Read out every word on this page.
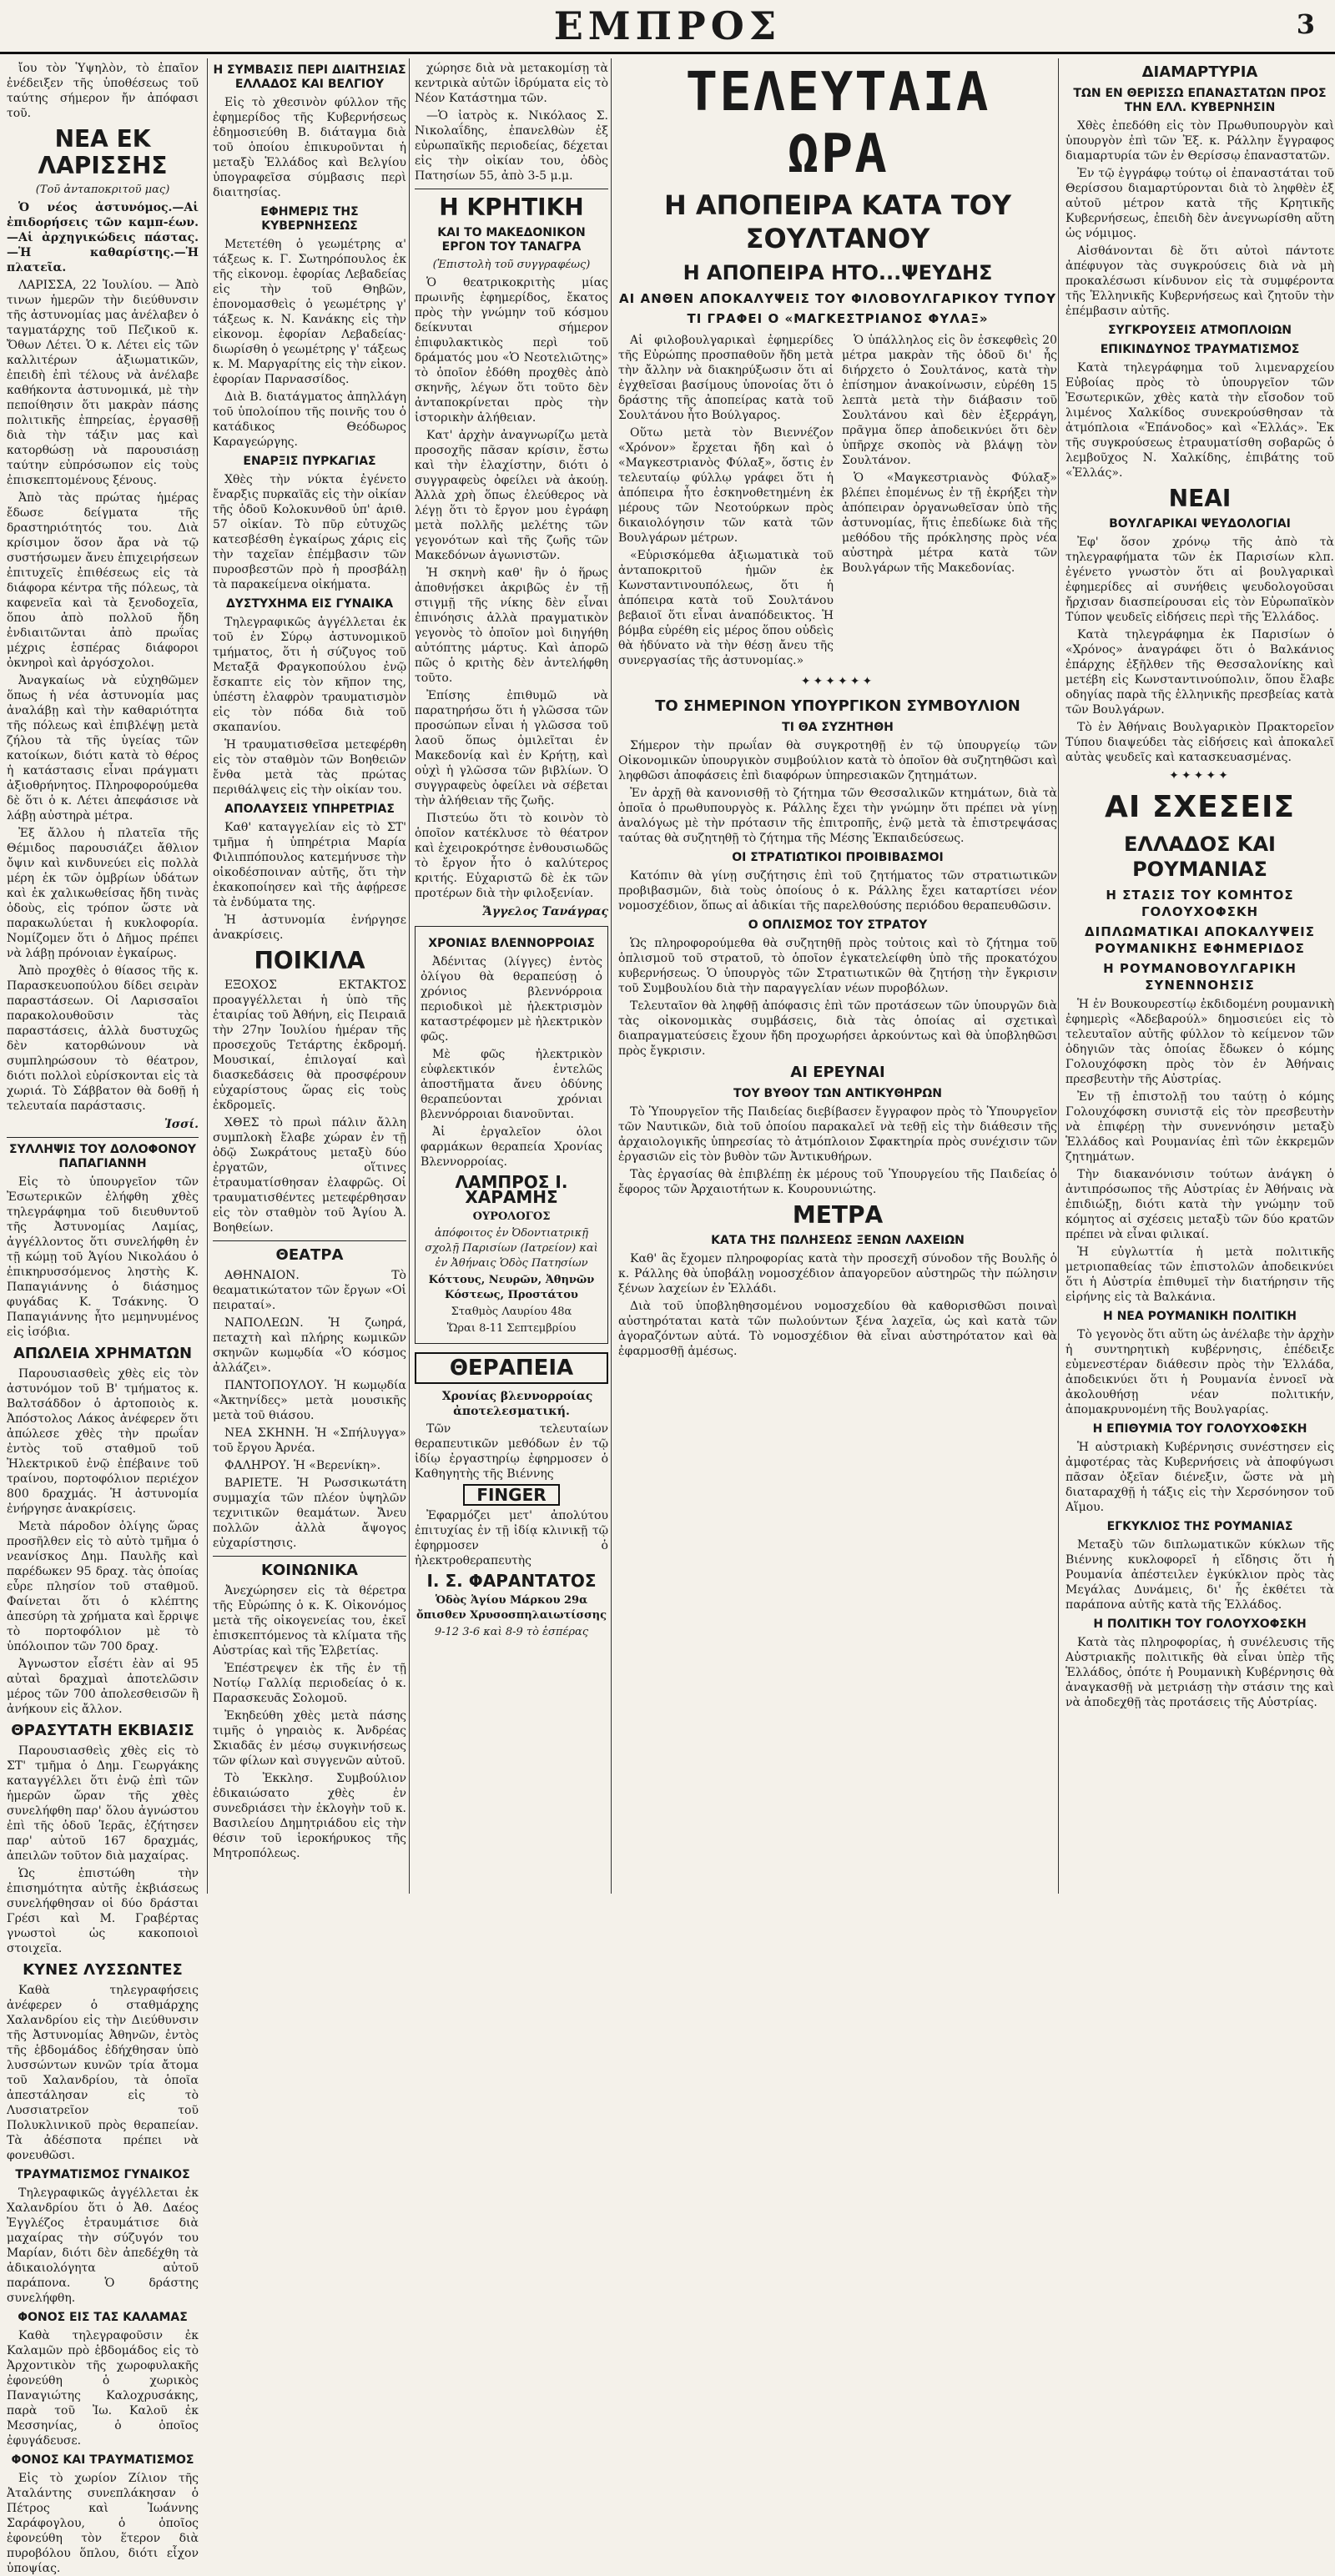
ΕΜΠΡΟΣ	3

ἴου τὸν Ὑψηλὸν, τὸ ἐπαῖον ἐνέδειξεν τῆς ὑποθέσεως τοῦ ταύτης σήμερον ἤν ἀπόφασι τοῦ.

ΝΕΑ ΕΚ ΛΑΡΙΣΣΗΣ
(Τοῦ ἀνταποκριτοῦ μας)

Ὁ νέος ἀστυνόμος.—Αἱ ἐπιδορήσεις τῶν καμπ-έων.—Αἱ ἀρχηγικώδεις πάστας.—Ἡ καθαρίστης.—Ἡ πλατεῖα.

ΛΑΡΙΣΣΑ, 22 Ἰουλίου. — Ἀπὸ τινων ἡμερῶν τὴν διεύθυνσιν τῆς ἀστυνομίας μας ἀνέλαβεν ὁ ταγματάρχης τοῦ Πεζικοῦ κ. Ὄθων Λέτει. Ὁ κ. Λέτει εἰς τῶν καλλιτέρων ἀξιωματικῶν, ἐπειδὴ ἐπὶ τέλους νὰ ἀνέλαβε καθήκοντα ἀστυνομικά, μὲ τὴν πεποίθησιν ὅτι μακρὰν πάσης πολιτικῆς ἐπηρείας, ἐργασθῇ διὰ τὴν τάξιν μας καὶ κατορθώσῃ νὰ παρουσιάσῃ ταύτην εὐπρόσωπον εἰς τοὺς ἐπισκεπτομένους ξένους.

Ἀπὸ τὰς πρώτας ἡμέρας ἔδωσε δείγματα τῆς δραστηριότητός του. Διὰ κρίσιμον ὅσον ἄρα νὰ τῷ συστήσωμεν ἄνευ ἐπιχειρήσεων ἐπιτυχεῖς ἐπιθέσεως εἰς τὰ διάφορα κέντρα τῆς πόλεως, τὰ καφενεῖα καὶ τὰ ξενοδοχεῖα, ὅπου ἀπὸ πολλοῦ ἤδη ἐνδιαιτῶνται ἀπὸ πρωΐας μέχρις ἑσπέρας διάφοροι ὀκνηροὶ καὶ ἀργόσχολοι.

Ἀναγκαίως νὰ εὐχηθῶμεν ὅπως ἡ νέα ἀστυνομία μας ἀναλάβῃ καὶ τὴν καθαριότητα τῆς πόλεως καὶ ἐπιβλέψῃ μετὰ ζήλου τὰ τῆς ὑγείας τῶν κατοίκων, διότι κατὰ τὸ θέρος ἡ κατάστασις εἶναι πράγματι ἀξιοθρήνητος. Πληροφορούμεθα δὲ ὅτι ὁ κ. Λέτει ἀπεφάσισε νὰ λάβῃ αὐστηρὰ μέτρα.

Ἐξ ἄλλου ἡ πλατεῖα τῆς Θέμιδος παρουσιάζει ἄθλιον ὄψιν καὶ κινδυνεύει εἰς πολλὰ μέρη ἐκ τῶν ὀμβρίων ὑδάτων καὶ ἐκ χαλικωθείσας ἤδη τινὰς ὁδοὺς, εἰς τρόπον ὥστε νὰ παρακωλύεται ἡ κυκλοφορία. Νομίζομεν ὅτι ὁ Δῆμος πρέπει νὰ λάβῃ πρόνοιαν ἐγκαίρως.

Ἀπὸ προχθὲς ὁ θίασος τῆς κ. Παρασκευοπούλου δίδει σειρὰν παραστάσεων. Οἱ Λαρισσαῖοι παρακολουθοῦσιν τὰς παραστάσεις, ἀλλὰ δυστυχῶς δὲν κατορθώνουν νὰ συμπληρώσουν τὸ θέατρον, διότι πολλοὶ εὑρίσκονται εἰς τὰ χωριά. Τὸ Σάββατον θὰ δοθῇ ἡ τελευταία παράστασις.

Ἰσσί.
ΣΥΛΛΗΨΙΣ ΤΟΥ ΔΟΛΟΦΟΝΟΥ ΠΑΠΑΓΙΑΝΝΗ

Εἰς τὸ ὑπουργεῖον τῶν Ἐσωτερικῶν ἐλήφθη χθὲς τηλεγράφημα τοῦ διευθυντοῦ τῆς Ἀστυνομίας Λαμίας, ἀγγέλλοντος ὅτι συνελήφθη ἐν τῇ κώμῃ τοῦ Ἁγίου Νικολάου ὁ ἐπικηρυσσόμενος ληστὴς Κ. Παπαγιάννης ὁ διάσημος φυγάδας Κ. Τσάκνης. Ὁ Παπαγιάννης ἦτο μεμηνυμένος εἰς ἰσόβια.

ΑΠΩΛΕΙΑ ΧΡΗΜΑΤΩΝ

Παρουσιασθεὶς χθὲς εἰς τὸν ἀστυνόμον τοῦ Β' τμήματος κ. Βαλτσάδδον ὁ ἀρτοποιὸς κ. Ἀπόστολος Λάκος ἀνέφερεν ὅτι ἀπώλεσε χθὲς τὴν πρωΐαν ἐντὸς τοῦ σταθμοῦ τοῦ Ἠλεκτρικοῦ ἐνῷ ἐπέβαινε τοῦ τραίνου, πορτοφόλιον περιέχον 800 δραχμάς. Ἡ ἀστυνομία ἐνήργησε ἀνακρίσεις.

Μετὰ πάροδον ὀλίγης ὥρας προσῆλθεν εἰς τὸ αὐτὸ τμῆμα ὁ νεανίσκος Δημ. Παυλῆς καὶ παρέδωκεν 95 δραχ. τὰς ὁποίας εὗρε πλησίον τοῦ σταθμοῦ. Φαίνεται ὅτι ὁ κλέπτης ἀπεσύρη τὰ χρήματα καὶ ἔρριψε τὸ πορτοφόλιον μὲ τὸ ὑπόλοιπον τῶν 700 δραχ.

Ἀγνωστον εἶσέτι ἐὰν αἱ 95 αὐταὶ δραχμαὶ ἀποτελῶσιν μέρος τῶν 700 ἀπολεσθεισῶν ἢ ἀνήκουν εἰς ἄλλον.

ΘΡΑΣΥΤΑΤΗ ΕΚΒΙΑΣΙΣ

Παρουσιασθεὶς χθὲς εἰς τὸ ΣΤ' τμῆμα ὁ Δημ. Γεωργάκης καταγγέλλει ὅτι ἐνῷ ἐπὶ τῶν ἡμερῶν ὥραν τῆς χθὲς συνελήφθη παρ' ὅλου ἀγνώστου ἐπὶ τῆς ὁδοῦ Ἱερᾶς, ἐζήτησεν παρ' αὐτοῦ 167 δραχμάς, ἀπειλῶν τοῦτον διὰ μαχαίρας.

Ὡς ἐπιστώθη τὴν ἐπισημότητα αὐτῆς ἐκβιάσεως συνελήφθησαν οἱ δύο δράσται Γρέσι καὶ Μ. Γραβέρτας γνωστοὶ ὡς κακοποιοὶ στοιχεῖα.

ΚΥΝΕΣ ΛΥΣΣΩΝΤΕΣ

Καθὰ τηλεγραφήσεις ἀνέφερεν ὁ σταθμάρχης Χαλανδρίου εἰς τὴν Διεύθυνσιν τῆς Ἀστυνομίας Ἀθηνῶν, ἐντὸς τῆς ἑβδομάδος ἐδήχθησαν ὑπὸ λυσσώντων κυνῶν τρία ἄτομα τοῦ Χαλανδρίου, τὰ ὁποῖα ἀπεστάλησαν εἰς τὸ Λυσσιατρεῖον τοῦ Πολυκλινικοῦ πρὸς θεραπείαν. Τὰ ἀδέσποτα πρέπει νὰ φονευθῶσι.

ΤΡΑΥΜΑΤΙΣΜΟΣ ΓΥΝΑΙΚΟΣ

Τηλεγραφικῶς ἀγγέλλεται ἐκ Χαλανδρίου ὅτι ὁ Ἀθ. Δαέος Ἐγγλέζος ἐτραυμάτισε διὰ μαχαίρας τὴν σύζυγόν του Μαρίαν, διότι δὲν ἀπεδέχθη τὰ ἀδικαιολόγητα αὐτοῦ παράπονα. Ὁ δράστης συνελήφθη.

ΦΟΝΟΣ ΕΙΣ ΤΑΣ ΚΑΛΑΜΑΣ

Καθὰ τηλεγραφοῦσιν ἐκ Καλαμῶν πρὸ ἑβδομάδος εἰς τὸ Ἀρχοντικὸν τῆς χωροφυλακῆς ἐφονεύθη ὁ χωρικὸς Παναγιώτης Καλοχρυσάκης, παρὰ τοῦ Ἰω. Καλοῦ ἐκ Μεσσηνίας, ὁ ὁποῖος ἐφυγάδευσε.

ΦΟΝΟΣ ΚΑΙ ΤΡΑΥΜΑΤΙΣΜΟΣ

Εἰς τὸ χωρίον Ζίλιον τῆς Ἀταλάντης συνεπλάκησαν ὁ Πέτρος καὶ Ἰωάννης Σαράφογλου, ὁ ὁποῖος ἐφονεύθη τὸν ἕτερον διὰ πυροβόλου ὅπλου, διότι εἶχον ὑποψίας.

Η ΣΥΜΒΑΣΙΣ ΠΕΡΙ ΔΙΑΙΤΗΣΙΑΣ ΕΛΛΑΔΟΣ ΚΑΙ ΒΕΛΓΙΟΥ

Εἰς τὸ χθεσινὸν φύλλον τῆς ἐφημερίδος τῆς Κυβερνήσεως ἐδημοσιεύθη Β. διάταγμα διὰ τοῦ ὁποίου ἐπικυροῦνται ἡ μεταξὺ Ἑλλάδος καὶ Βελγίου ὑπογραφεῖσα σύμβασις περὶ διαιτησίας.

ΕΦΗΜΕΡΙΣ ΤΗΣ ΚΥΒΕΡΝΗΣΕΩΣ

Μετετέθη ὁ γεωμέτρης α' τάξεως κ. Γ. Σωτηρόπουλος ἐκ τῆς εἰκονομ. ἐφορίας Λεβαδείας εἰς τὴν τοῦ Θηβῶν, ἐπονομασθεὶς ὁ γεωμέτρης γ' τάξεως κ. Ν. Κανάκης εἰς τὴν εἰκονομ. ἐφορίαν Λεβαδείας· διωρίσθη ὁ γεωμέτρης γ' τάξεως κ. Μ. Μαργαρίτης εἰς τὴν εἰκον. ἐφορίαν Παρνασσίδος.

Διὰ Β. διατάγματος ἀπηλλάγη τοῦ ὑπολοίπου τῆς ποινῆς του ὁ κατάδικος Θεόδωρος Καραγεώργης.

ΕΝΑΡΞΙΣ ΠΥΡΚΑΓΙΑΣ

Χθὲς τὴν νύκτα ἐγένετο ἔναρξις πυρκαϊᾶς εἰς τὴν οἰκίαν τῆς ὁδοῦ Κολοκυνθοῦ ὑπ' ἀριθ. 57 οἰκίαν. Τὸ πῦρ εὐτυχῶς κατεσβέσθη ἐγκαίρως χάρις εἰς τὴν ταχεῖαν ἐπέμβασιν τῶν πυροσβεστῶν πρὸ ἡ προσβάλῃ τὰ παρακείμενα οἰκήματα.

ΔΥΣΤΥΧΗΜΑ ΕΙΣ ΓΥΝΑΙΚΑ

Τηλεγραφικῶς ἀγγέλλεται ἐκ τοῦ ἐν Σύρῳ ἀστυνομικοῦ τμήματος, ὅτι ἡ σύζυγος τοῦ Μεταξᾶ Φραγκοπούλου ἐνῷ ἔσκαπτε εἰς τὸν κῆπον της, ὑπέστη ἐλαφρὸν τραυματισμὸν εἰς τὸν πόδα διὰ τοῦ σκαπανίου.

Ἡ τραυματισθεῖσα μετεφέρθη εἰς τὸν σταθμὸν τῶν Βοηθειῶν ἔνθα μετὰ τὰς πρώτας περιθάλψεις εἰς τὴν οἰκίαν του.

ΑΠΟΛΑΥΣΕΙΣ ΥΠΗΡΕΤΡΙΑΣ

Καθ' καταγγελίαν εἰς τὸ ΣΤ' τμῆμα ἡ ὑπηρέτρια Μαρία Φιλιππόπουλος κατεμήνυσε τὴν οἰκοδέσποιναν αὐτῆς, ὅτι τὴν ἐκακοποίησεν καὶ τῆς ἀφῄρεσε τὰ ἐνδύματα της.

Ἡ ἀστυνομία ἐνήργησε ἀνακρίσεις.

ΠΟΙΚΙΛΑ

ΕΞΟΧΟΣ ΕΚΤΑΚΤΟΣ προαγγέλλεται ἡ ὑπὸ τῆς ἑταιρίας τοῦ Ἀθήνη, εἰς Πειραιᾶ τὴν 27ην Ἰουλίου ἡμέραν τῆς προσεχοῦς Τετάρτης ἐκδρομή. Μουσικαί, ἐπιλογαί καὶ διασκεδάσεις θὰ προσφέρουν εὐχαρίστους ὥρας εἰς τοὺς ἐκδρομεῖς.

ΧΘΕΣ τὸ πρωὶ πάλιν ἄλλη συμπλοκὴ ἔλαβε χώραν ἐν τῇ ὁδῷ Σωκράτους μεταξὺ δύο ἐργατῶν, οἵτινες ἐτραυματίσθησαν ἐλαφρῶς. Οἱ τραυματισθέντες μετεφέρθησαν εἰς τὸν σταθμὸν τοῦ Ἁγίου Ἀ. Βοηθείων.

ΘΕΑΤΡΑ

ΑΘΗΝΑΙΟΝ. Τὸ θεαματικώτατον τῶν ἔργων «Οἱ πειραταί».

ΝΑΠΟΛΕΩΝ. Ἡ ζωηρά, πεταχτὴ καὶ πλήρης κωμικῶν σκηνῶν κωμῳδία «Ὁ κόσμος ἀλλάζει».

ΠΑΝΤΟΠΟΥΛΟΥ. Ἡ κωμῳδία «Ἀκτηνίδες» μετὰ μουσικῆς μετὰ τοῦ θιάσου.

ΝΕΑ ΣΚΗΝΗ. Ἡ «Σπήλυγγα» τοῦ ἔργου Ἀρνέα.

ΦΑΛΗΡΟΥ. Ἡ «Βερενίκη».

ΒΑΡΙΕΤΕ. Ἡ Ρωσσικωτάτη συμμαχία τῶν πλέον ὑψηλῶν τεχνιτικῶν θεαμάτων. Ἄνευ πολλῶν ἀλλὰ ἄψογος εὐχαρίστησις.

ΚΟΙΝΩΝΙΚΑ

Ἀνεχώρησεν εἰς τὰ θέρετρα τῆς Εὐρώπης ὁ κ. Κ. Οἰκονόμος μετὰ τῆς οἰκογενείας του, ἐκεῖ ἐπισκεπτόμενος τὰ κλίματα τῆς Αὐστρίας καὶ τῆς Ἑλβετίας.

Ἐπέστρεψεν ἐκ τῆς ἐν τῇ Νοτίῳ Γαλλίᾳ περιοδείας ὁ κ. Παρασκευᾶς Σολομοῦ.

Ἐκηδεύθη χθὲς μετὰ πάσης τιμῆς ὁ γηραιὸς κ. Ἀνδρέας Σκιαδᾶς ἐν μέσῳ συγκινήσεως τῶν φίλων καὶ συγγενῶν αὐτοῦ.

Τὸ Ἐκκλησ. Συμβούλιον ἐδικαιώσατο χθὲς ἐν συνεδριάσει τὴν ἐκλογὴν τοῦ κ. Βασιλείου Δημητριάδου εἰς τὴν θέσιν τοῦ ἱεροκήρυκος τῆς Μητροπόλεως.

χώρησε διὰ νὰ μετακομίσῃ τὰ κεντρικὰ αὐτῶν ἰδρύματα εἰς τὸ Νέον Κατάστημα τῶν.

—Ὁ ἰατρὸς κ. Νικόλαος Σ. Νικολαΐδης, ἐπανελθὼν ἐξ εὐρωπαϊκῆς περιοδείας, δέχεται εἰς τὴν οἰκίαν του, ὁδὸς Πατησίων 55, ἀπὸ 3-5 μ.μ.

Η ΚΡΗΤΙΚΗ
ΚΑΙ ΤΟ ΜΑΚΕΔΟΝΙΚΟΝ ΕΡΓΟΝ ΤΟΥ ΤΑΝΑΓΡΑ
(Ἐπιστολὴ τοῦ συγγραφέως)

Ὁ θεατρικοκριτὴς μίας πρωινῆς ἐφημερίδος, ἔκατος πρὸς τὴν γνώμην τοῦ κόσμου δείκνυται σήμερον ἐπιφυλακτικὸς περὶ τοῦ δράματός μου «Ὁ Νεοτελιῶτης» τὸ ὁποῖον ἐδόθη προχθὲς ἀπὸ σκηνῆς, λέγων ὅτι τοῦτο δὲν ἀνταποκρίνεται πρὸς τὴν ἱστορικὴν ἀλήθειαν.

Κατ' ἀρχὴν ἀναγνωρίζω μετὰ προσοχῆς πᾶσαν κρίσιν, ἔστω καὶ τὴν ἐλαχίστην, διότι ὁ συγγραφεὺς ὀφείλει νὰ ἀκούῃ. Ἀλλὰ χρὴ ὅπως ἐλεύθερος νὰ λέγῃ ὅτι τὸ ἔργον μου ἐγράφη μετὰ πολλῆς μελέτης τῶν γεγονότων καὶ τῆς ζωῆς τῶν Μακεδόνων ἀγωνιστῶν.

Ἡ σκηνὴ καθ' ἣν ὁ ἥρως ἀποθνῄσκει ἀκριβῶς ἐν τῇ στιγμῇ τῆς νίκης δὲν εἶναι ἐπινόησις ἀλλὰ πραγματικὸν γεγονὸς τὸ ὁποῖον μοὶ διηγήθη αὐτόπτης μάρτυς. Καὶ ἀπορῶ πῶς ὁ κριτὴς δὲν ἀντελήφθη τοῦτο.

Ἐπίσης ἐπιθυμῶ νὰ παρατηρήσω ὅτι ἡ γλῶσσα τῶν προσώπων εἶναι ἡ γλῶσσα τοῦ λαοῦ ὅπως ὁμιλεῖται ἐν Μακεδονίᾳ καὶ ἐν Κρήτῃ, καὶ οὐχὶ ἡ γλῶσσα τῶν βιβλίων. Ὁ συγγραφεὺς ὀφείλει νὰ σέβεται τὴν ἀλήθειαν τῆς ζωῆς.

Πιστεύω ὅτι τὸ κοινὸν τὸ ὁποῖον κατέκλυσε τὸ θέατρον καὶ ἐχειροκρότησε ἐνθουσιωδῶς τὸ ἔργον ἦτο ὁ καλύτερος κριτής. Εὐχαριστῶ δὲ ἐκ τῶν προτέρων διὰ τὴν φιλοξενίαν.

Ἄγγελος Τανάγρας
ΧΡΟΝΙΑΣ ΒΛΕΝΝΟΡΡΟΙΑΣ

Ἀδένιτας (λίγγες) ἐντὸς ὀλίγου θὰ θεραπεύσῃ ὁ χρόνιος βλεννόρροια περιοδικοὶ μὲ ἠλεκτρισμὸν καταστρέφομεν μὲ ἠλεκτρικὸν φῶς.

Μὲ φῶς ἠλεκτρικὸν εὐφλεκτικόν ἐντελῶς ἀποστῆματα ἄνευ ὀδύνης θεραπεύονται χρόνιαι βλεννόρροιαι διανοῦνται.

Ἀἱ ἐργαλεῖον ὁλοι φαρμάκων θεραπεία Χρονίας Βλεννορροίας.

ΛΑΜΠΡΟΣ Ι. ΧΑΡΑΜΗΣ
ΟΥΡΟΛΟΓΟΣ
ἀπόφοιτος ἐν Ὀδοντιατρικῇ σχολῇ Παρισίων (Ιατρείον) καὶ ἐν Ἀθήναις Ὁδὸς Πατησίων
Κόττους, Νευρῶν, Ἀθηνῶν Κόστεως, Προστάτου
Σταθμὸς Λαυρίου 48α
Ὥραι 8-11 Σεπτεμβρίου
ΘΕΡΑΠΕΙΑ

Χρονίας βλεννορροίας ἀποτελεσματική.

Τῶν τελευταίων θεραπευτικῶν μεθόδων ἐν τῷ ἰδίῳ ἐργαστηρίῳ ἐφηρμοσεν ὁ Καθηγητὴς τῆς Βιέννης

FINGER

Ἐφαρμόζει μετ' ἀπολύτου ἐπιτυχίας ἐν τῇ ἰδίᾳ κλινικῇ τῷ ἐφηρμοσεν ὁ ἠλεκτροθεραπευτὴς

Ι. Σ. ΦΑΡΑΝΤΑΤΟΣ
Ὁδὸς Ἁγίου Μάρκου 29α ὄπισθεν Χρυσοσπηλαιωτίσσης
9-12 3-6 καὶ 8-9 τὸ ἑσπέρας
ΤΕΛΕΥΤΑΙΑ ΩΡΑ
Η ΑΠΟΠΕΙΡΑ ΚΑΤΑ ΤΟΥ ΣΟΥΛΤΑΝΟΥ
Η ΑΠΟΠΕΙΡΑ ΗΤΟ...ΨΕΥΔΗΣ
ΑΙ ΑΝΘΕΝ ΑΠΟΚΑΛΥΨΕΙΣ ΤΟΥ ΦΙΛΟΒΟΥΛΓΑΡΙΚΟΥ ΤΥΠΟΥ
ΤΙ ΓΡΑΦΕΙ Ο «ΜΑΓΚΕΣΤΡΙΑΝΟΣ ΦΥΛΑΞ»

Αἱ φιλοβουλγαρικαὶ ἐφημερίδες τῆς Εὐρώπης προσπαθοῦν ἤδη μετὰ τὴν ἄλλην νὰ διακηρύξωσιν ὅτι αἱ ἐγχθεῖσαι βασίμους ὑπονοίας ὅτι ὁ δράστης τῆς ἀποπείρας κατὰ τοῦ Σουλτάνου ἦτο Βούλγαρος.

Οὕτω μετὰ τὸν Βιεννέζον «Χρόνον» ἔρχεται ἤδη καὶ ὁ «Μαγκεστριανὸς Φύλαξ», ὅστις ἐν τελευταίῳ φύλλῳ γράφει ὅτι ἡ ἀπόπειρα ἦτο ἐσκηνοθετημένη ἐκ μέρους τῶν Νεοτούρκων πρὸς δικαιολόγησιν τῶν κατὰ τῶν Βουλγάρων μέτρων.

«Εὑρισκόμεθα ἀξιωματικὰ τοῦ ἀνταποκριτοῦ ἡμῶν ἐκ Κωνσταντινουπόλεως, ὅτι ἡ ἀπόπειρα κατὰ τοῦ Σουλτάνου βεβαιοῖ ὅτι εἶναι ἀναπόδεικτος. Ἡ βόμβα εὑρέθη εἰς μέρος ὅπου οὐδεὶς θὰ ἠδύνατο νὰ τὴν θέσῃ ἄνευ τῆς συνεργασίας τῆς ἀστυνομίας.»

Ὁ ὑπάλληλος εἰς ὃν ἐσκεφθεὶς 20 μέτρα μακρὰν τῆς ὁδοῦ δι' ἧς διήρχετο ὁ Σουλτάνος, κατὰ τὴν ἐπίσημον ἀνακοίνωσιν, εὑρέθη 15 λεπτὰ μετὰ τὴν διάβασιν τοῦ Σουλτάνου καὶ δὲν ἐξερράγη, πρᾶγμα ὅπερ ἀποδεικνύει ὅτι δὲν ὑπῆρχε σκοπὸς νὰ βλάψῃ τὸν Σουλτάνον.

Ὁ «Μαγκεστριανὸς Φύλαξ» βλέπει ἐπομένως ἐν τῇ ἐκρήξει τὴν ἀπόπειραν ὀργανωθεῖσαν ὑπὸ τῆς ἀστυνομίας, ἥτις ἐπεδίωκε διὰ τῆς μεθόδου τῆς πρόκλησης πρὸς νέα αὐστηρὰ μέτρα κατὰ τῶν Βουλγάρων τῆς Μακεδονίας.

✦✦✦✦✦✦
ΤΟ ΣΗΜΕΡΙΝΟΝ ΥΠΟΥΡΓΙΚΟΝ ΣΥΜΒΟΥΛΙΟΝ
ΤΙ ΘΑ ΣΥΖΗΤΗΘΗ

Σήμερον τὴν πρωΐαν θὰ συγκροτηθῇ ἐν τῷ ὑπουργείῳ τῶν Οἰκονομικῶν ὑπουργικὸν συμβούλιον κατὰ τὸ ὁποῖον θὰ συζητηθῶσι καὶ ληφθῶσι ἀποφάσεις ἐπὶ διαφόρων ὑπηρεσιακῶν ζητημάτων.

Ἐν ἀρχῇ θὰ κανονισθῇ τὸ ζήτημα τῶν Θεσσαλικῶν κτημάτων, διὰ τὰ ὁποῖα ὁ πρωθυπουργὸς κ. Ράλλης ἔχει τὴν γνώμην ὅτι πρέπει νὰ γίνῃ ἀναλόγως μὲ τὴν πρότασιν τῆς ἐπιτροπῆς, ἐνῷ μετὰ τὰ ἐπιστρεψάσας ταύτας θὰ συζητηθῇ τὸ ζήτημα τῆς Μέσης Ἐκπαιδεύσεως.

ΟΙ ΣΤΡΑΤΙΩΤΙΚΟΙ ΠΡΟΙΒΙΒΑΣΜΟΙ

Κατόπιν θὰ γίνῃ συζήτησις ἐπὶ τοῦ ζητήματος τῶν στρατιωτικῶν προβιβασμῶν, διὰ τοὺς ὁποίους ὁ κ. Ράλλης ἔχει καταρτίσει νέον νομοσχέδιον, ὅπως αἱ ἀδικίαι τῆς παρελθούσης περιόδου θεραπευθῶσιν.

Ο ΟΠΛΙΣΜΟΣ ΤΟΥ ΣΤΡΑΤΟΥ

Ὡς πληροφορούμεθα θὰ συζητηθῇ πρὸς τοὐτοις καὶ τὸ ζήτημα τοῦ ὁπλισμοῦ τοῦ στρατοῦ, τὸ ὁποῖον ἐγκατελείφθη ὑπὸ τῆς προκατόχου κυβερνήσεως. Ὁ ὑπουργὸς τῶν Στρατιωτικῶν θὰ ζητήσῃ τὴν ἔγκρισιν τοῦ Συμβουλίου διὰ τὴν παραγγελίαν νέων πυροβόλων.

Τελευταῖον θὰ ληφθῇ ἀπόφασις ἐπὶ τῶν προτάσεων τῶν ὑπουργῶν διὰ τὰς οἰκονομικὰς συμβάσεις, διὰ τὰς ὁποίας αἱ σχετικαὶ διαπραγματεύσεις ἔχουν ἤδη προχωρήσει ἀρκούντως καὶ θὰ ὑποβληθῶσι πρὸς ἔγκρισιν.

ΑΙ ΕΡΕΥΝΑΙ
ΤΟΥ ΒΥΘΟΥ ΤΩΝ ΑΝΤΙΚΥΘΗΡΩΝ

Τὸ Ὑπουργεῖον τῆς Παιδείας διεβίβασεν ἔγγραφον πρὸς τὸ Ὑπουργεῖον τῶν Ναυτικῶν, διὰ τοῦ ὁποίου παρακαλεῖ νὰ τεθῇ εἰς τὴν διάθεσιν τῆς ἀρχαιολογικῆς ὑπηρεσίας τὸ ἀτμόπλοιον Σφακτηρία πρὸς συνέχισιν τῶν ἐργασιῶν εἰς τὸν βυθὸν τῶν Ἀντικυθήρων.

Τὰς ἐργασίας θὰ ἐπιβλέπῃ ἐκ μέρους τοῦ Ὑπουργείου τῆς Παιδείας ὁ ἔφορος τῶν Ἀρχαιοτήτων κ. Κουρουνιώτης.

ΜΕΤΡΑ
ΚΑΤΑ ΤΗΣ ΠΩΛΗΣΕΩΣ ΞΕΝΩΝ ΛΑΧΕΙΩΝ

Καθ' ἃς ἔχομεν πληροφορίας κατὰ τὴν προσεχῆ σύνοδον τῆς Βουλῆς ὁ κ. Ράλλης θὰ ὑποβάλῃ νομοσχέδιον ἀπαγορεῦον αὐστηρῶς τὴν πώλησιν ξένων λαχείων ἐν Ἑλλάδι.

Διὰ τοῦ ὑποβληθησομένου νομοσχεδίου θὰ καθορισθῶσι ποιναὶ αὐστηρόταται κατὰ τῶν πωλούντων ξένα λαχεῖα, ὡς καὶ κατὰ τῶν ἀγοραζόντων αὐτά. Τὸ νομοσχέδιον θὰ εἶναι αὐστηρότατον καὶ θὰ ἐφαρμοσθῇ ἀμέσως.

ΔΙΑΜΑΡΤΥΡΙΑ
ΤΩΝ ΕΝ ΘΕΡΙΣΣΩ ΕΠΑΝΑΣΤΑΤΩΝ ΠΡΟΣ ΤΗΝ ΕΛΛ. ΚΥΒΕΡΝΗΣΙΝ

Χθὲς ἐπεδόθη εἰς τὸν Πρωθυπουργὸν καὶ ὑπουργὸν ἐπὶ τῶν Ἐξ. κ. Ράλλην ἔγγραφος διαμαρτυρία τῶν ἐν Θερίσσῳ ἐπαναστατῶν.

Ἐν τῷ ἐγγράφῳ τούτῳ οἱ ἐπαναστάται τοῦ Θερίσσου διαμαρτύρονται διὰ τὸ ληφθὲν ἐξ αὐτοῦ μέτρον κατὰ τῆς Κρητικῆς Κυβερνήσεως, ἐπειδὴ δὲν ἀνεγνωρίσθη αὕτη ὡς νόμιμος.

Αἰσθάνονται δὲ ὅτι αὐτοὶ πάντοτε ἀπέφυγον τὰς συγκρούσεις διὰ νὰ μὴ προκαλέσωσι κίνδυνον εἰς τὰ συμφέροντα τῆς Ἑλληνικῆς Κυβερνήσεως καὶ ζητοῦν τὴν ἐπέμβασιν αὐτῆς.

ΣΥΓΚΡΟΥΣΕΙΣ ΑΤΜΟΠΛΟΙΩΝ
ΕΠΙΚΙΝΔΥΝΟΣ ΤΡΑΥΜΑΤΙΣΜΟΣ

Κατὰ τηλεγράφημα τοῦ λιμεναρχείου Εὐβοίας πρὸς τὸ ὑπουργεῖον τῶν Ἐσωτερικῶν, χθὲς κατὰ τὴν εἴσοδον τοῦ λιμένος Χαλκίδος συνεκρούσθησαν τὰ ἀτμόπλοια «Ἐπάνοδος» καὶ «Ἑλλάς». Ἐκ τῆς συγκρούσεως ἐτραυματίσθη σοβαρῶς ὁ λεμβοῦχος Ν. Χαλκίδης, ἐπιβάτης τοῦ «Ἑλλάς».

ΝΕΑΙ
ΒΟΥΛΓΑΡΙΚΑΙ ΨΕΥΔΟΛΟΓΙΑΙ

Ἐφ' ὅσον χρόνῳ τῆς ἀπὸ τὰ τηλεγραφήματα τῶν ἐκ Παρισίων κλπ. ἐγένετο γνωστὸν ὅτι αἱ βουλγαρικαὶ ἐφημερίδες αἱ συνήθεις ψευδολογοῦσαι ἤρχισαν διασπείρουσαι εἰς τὸν Εὐρωπαϊκὸν Τύπον ψευδεῖς εἰδήσεις περὶ τῆς Ἑλλάδος.

Κατὰ τηλεγράφημα ἐκ Παρισίων ὁ «Χρόνος» ἀναγράφει ὅτι ὁ Βαλκάνιος ἐπάρχης ἐξῆλθεν τῆς Θεσσαλονίκης καὶ μετέβη εἰς Κωνσταντινούπολιν, ὅπου ἔλαβε οδηγίας παρὰ τῆς ἑλληνικῆς πρεσβείας κατὰ τῶν Βουλγάρων.

Τὸ ἐν Ἀθήναις Βουλγαρικὸν Πρακτορεῖον Τύπου διαψεύδει τὰς εἰδήσεις καὶ ἀποκαλεῖ αὐτὰς ψευδεῖς καὶ κατασκευασμένας.

✦✦✦✦✦
ΑΙ ΣΧΕΣΕΙΣ
ΕΛΛΑΔΟΣ ΚΑΙ ΡΟΥΜΑΝΙΑΣ
Η ΣΤΑΣΙΣ ΤΟΥ ΚΟΜΗΤΟΣ ΓΟΛΟΥΧΟΦΣΚΗ
ΔΙΠΛΩΜΑΤΙΚΑΙ ΑΠΟΚΑΛΥΨΕΙΣ ΡΟΥΜΑΝΙΚΗΣ ΕΦΗΜΕΡΙΔΟΣ
Η ΡΟΥΜΑΝΟΒΟΥΛΓΑΡΙΚΗ ΣΥΝΕΝΝΟΗΣΙΣ

Ἡ ἐν Βουκουρεστίῳ ἐκδιδομένη ρουμανικὴ ἐφημερὶς «Ἀδεβαρούλ» δημοσιεύει εἰς τὸ τελευταῖον αὐτῆς φύλλον τὸ κείμενον τῶν ὁδηγιῶν τὰς ὁποίας ἔδωκεν ὁ κόμης Γολουχόφσκη πρὸς τὸν ἐν Ἀθήναις πρεσβευτὴν τῆς Αὐστρίας.

Ἐν τῇ ἐπιστολῇ του ταύτῃ ὁ κόμης Γολουχόφσκη συνιστᾷ εἰς τὸν πρεσβευτὴν νὰ ἐπιφέρῃ τὴν συνεννόησιν μεταξὺ Ἑλλάδος καὶ Ρουμανίας ἐπὶ τῶν ἐκκρεμῶν ζητημάτων.

Τὴν διακανόνισιν τούτων ἀνάγκη ὁ ἀντιπρόσωπος τῆς Αὐστρίας ἐν Ἀθήναις νὰ ἐπιδιώξῃ, διότι κατὰ τὴν γνώμην τοῦ κόμητος αἱ σχέσεις μεταξὺ τῶν δύο κρατῶν πρέπει νὰ εἶναι φιλικαί.

Ἡ εὐγλωττία ἡ μετὰ πολιτικῆς μετριοπαθείας τῶν ἐπιστολῶν ἀποδεικνύει ὅτι ἡ Αὐστρία ἐπιθυμεῖ τὴν διατήρησιν τῆς εἰρήνης εἰς τὰ Βαλκάνια.

Η ΝΕΑ ΡΟΥΜΑΝΙΚΗ ΠΟΛΙΤΙΚΗ

Τὸ γεγονὸς ὅτι αὕτη ὡς ἀνέλαβε τὴν ἀρχὴν ἡ συντηρητικὴ κυβέρνησις, ἐπέδειξε εὐμενεστέραν διάθεσιν πρὸς τὴν Ἑλλάδα, ἀποδεικνύει ὅτι ἡ Ρουμανία ἐννοεῖ νὰ ἀκολουθήσῃ νέαν πολιτικήν, ἀπομακρυνομένη τῆς Βουλγαρίας.

Η ΕΠΙΘΥΜΙΑ ΤΟΥ ΓΟΛΟΥΧΟΦΣΚΗ

Ἡ αὐστριακὴ Κυβέρνησις συνέστησεν εἰς ἀμφοτέρας τὰς Κυβερνήσεις νὰ ἀποφύγωσι πᾶσαν ὀξεῖαν διένεξιν, ὥστε νὰ μὴ διαταραχθῇ ἡ τάξις εἰς τὴν Χερσόνησον τοῦ Αἵμου.

ΕΓΚΥΚΛΙΟΣ ΤΗΣ ΡΟΥΜΑΝΙΑΣ

Μεταξὺ τῶν διπλωματικῶν κύκλων τῆς Βιέννης κυκλοφορεῖ ἡ εἴδησις ὅτι ἡ Ρουμανία ἀπέστειλεν ἐγκύκλιον πρὸς τὰς Μεγάλας Δυνάμεις, δι' ἧς ἐκθέτει τὰ παράπονα αὐτῆς κατὰ τῆς Ἑλλάδος.

Η ΠΟΛΙΤΙΚΗ ΤΟΥ ΓΟΛΟΥΧΟΦΣΚΗ

Κατὰ τὰς πληροφορίας, ἡ συνέλευσις τῆς Αὐστριακῆς πολιτικῆς θὰ εἶναι ὑπὲρ τῆς Ἑλλάδος, ὁπότε ἡ Ρουμανικὴ Κυβέρνησις θὰ ἀναγκασθῇ νὰ μετριάσῃ τὴν στάσιν της καὶ νὰ ἀποδεχθῇ τὰς προτάσεις τῆς Αὐστρίας.
